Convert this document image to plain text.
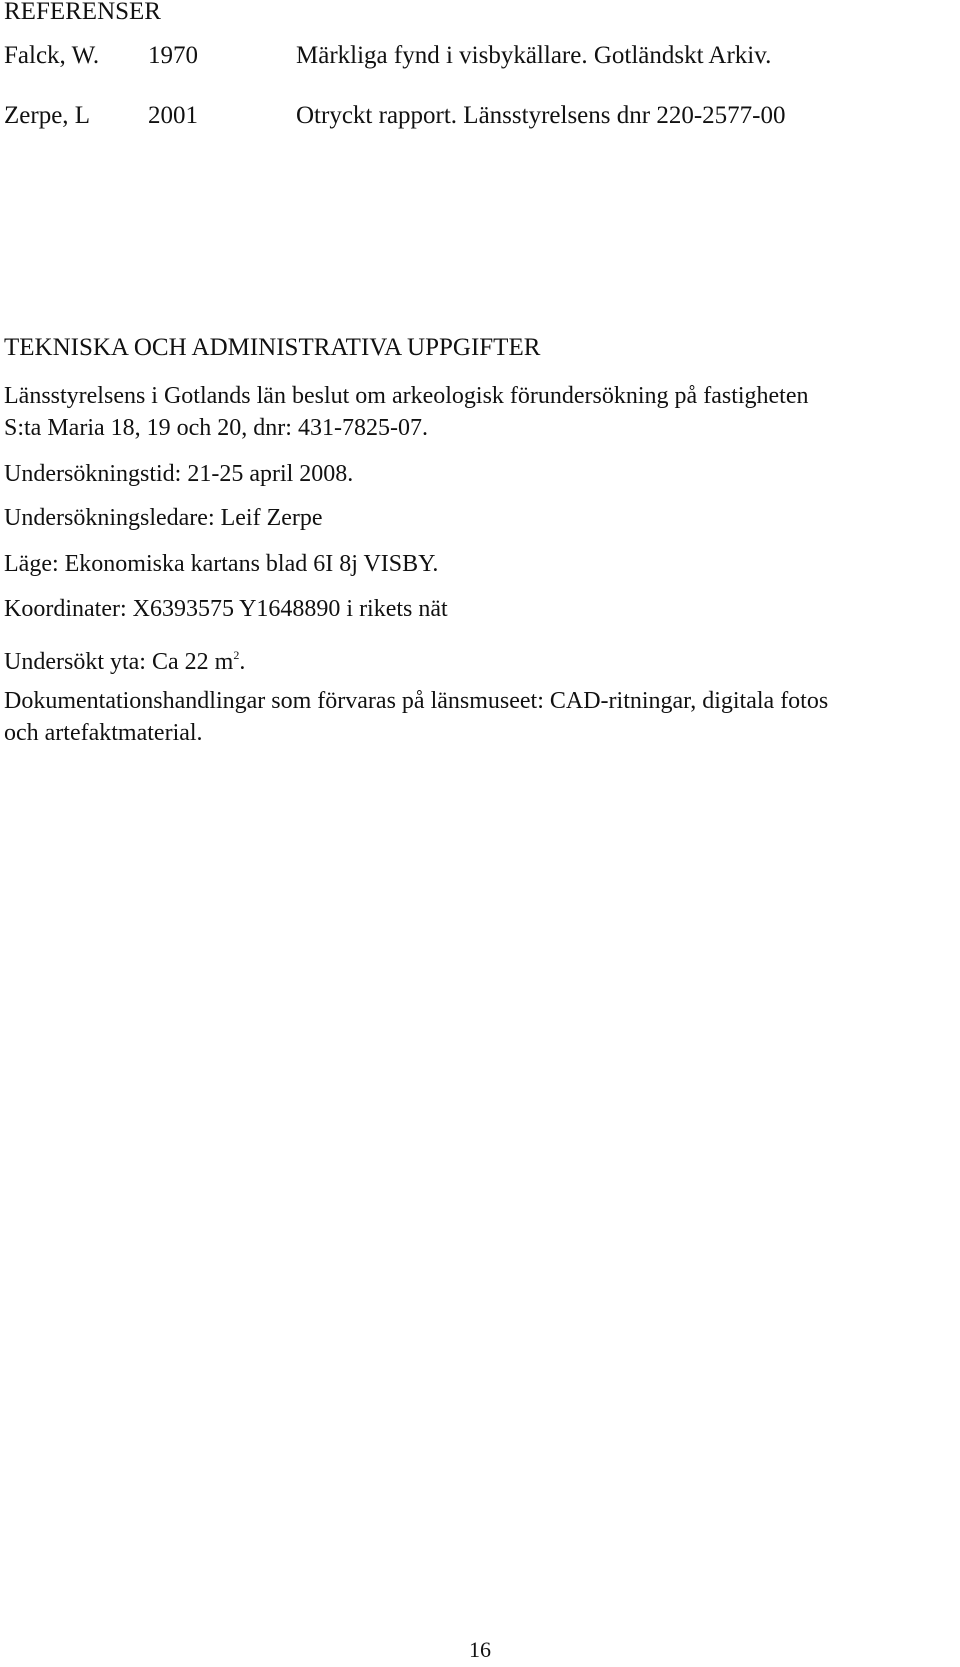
REFERENSER
Falck, W. 1970	Märkliga fynd i visbykällare. Gotländskt Arkiv.
Zerpe, L 2001	Otryckt rapport. Länsstyrelsens dnr 220-2577-00
TEKNISKA OCH ADMINISTRATIVA UPPGIFTER
Länsstyrelsens i Gotlands län beslut om arkeologisk förundersökning på fastigheten
S:ta Maria 18, 19 och 20, dnr: 431-7825-07.
Undersökningstid: 21-25 april 2008.
Undersökningsledare: Leif Zerpe
Läge: Ekonomiska kartans blad 6I 8j VISBY.
Koordinater: X6393575 Y1648890 i rikets nät
Undersökt yta: Ca 22 $m^2$.
Dokumentationshandlingar som förvaras på länsmuseet: CAD-ritningar, digitala fotos
och artefaktmaterial.
16
